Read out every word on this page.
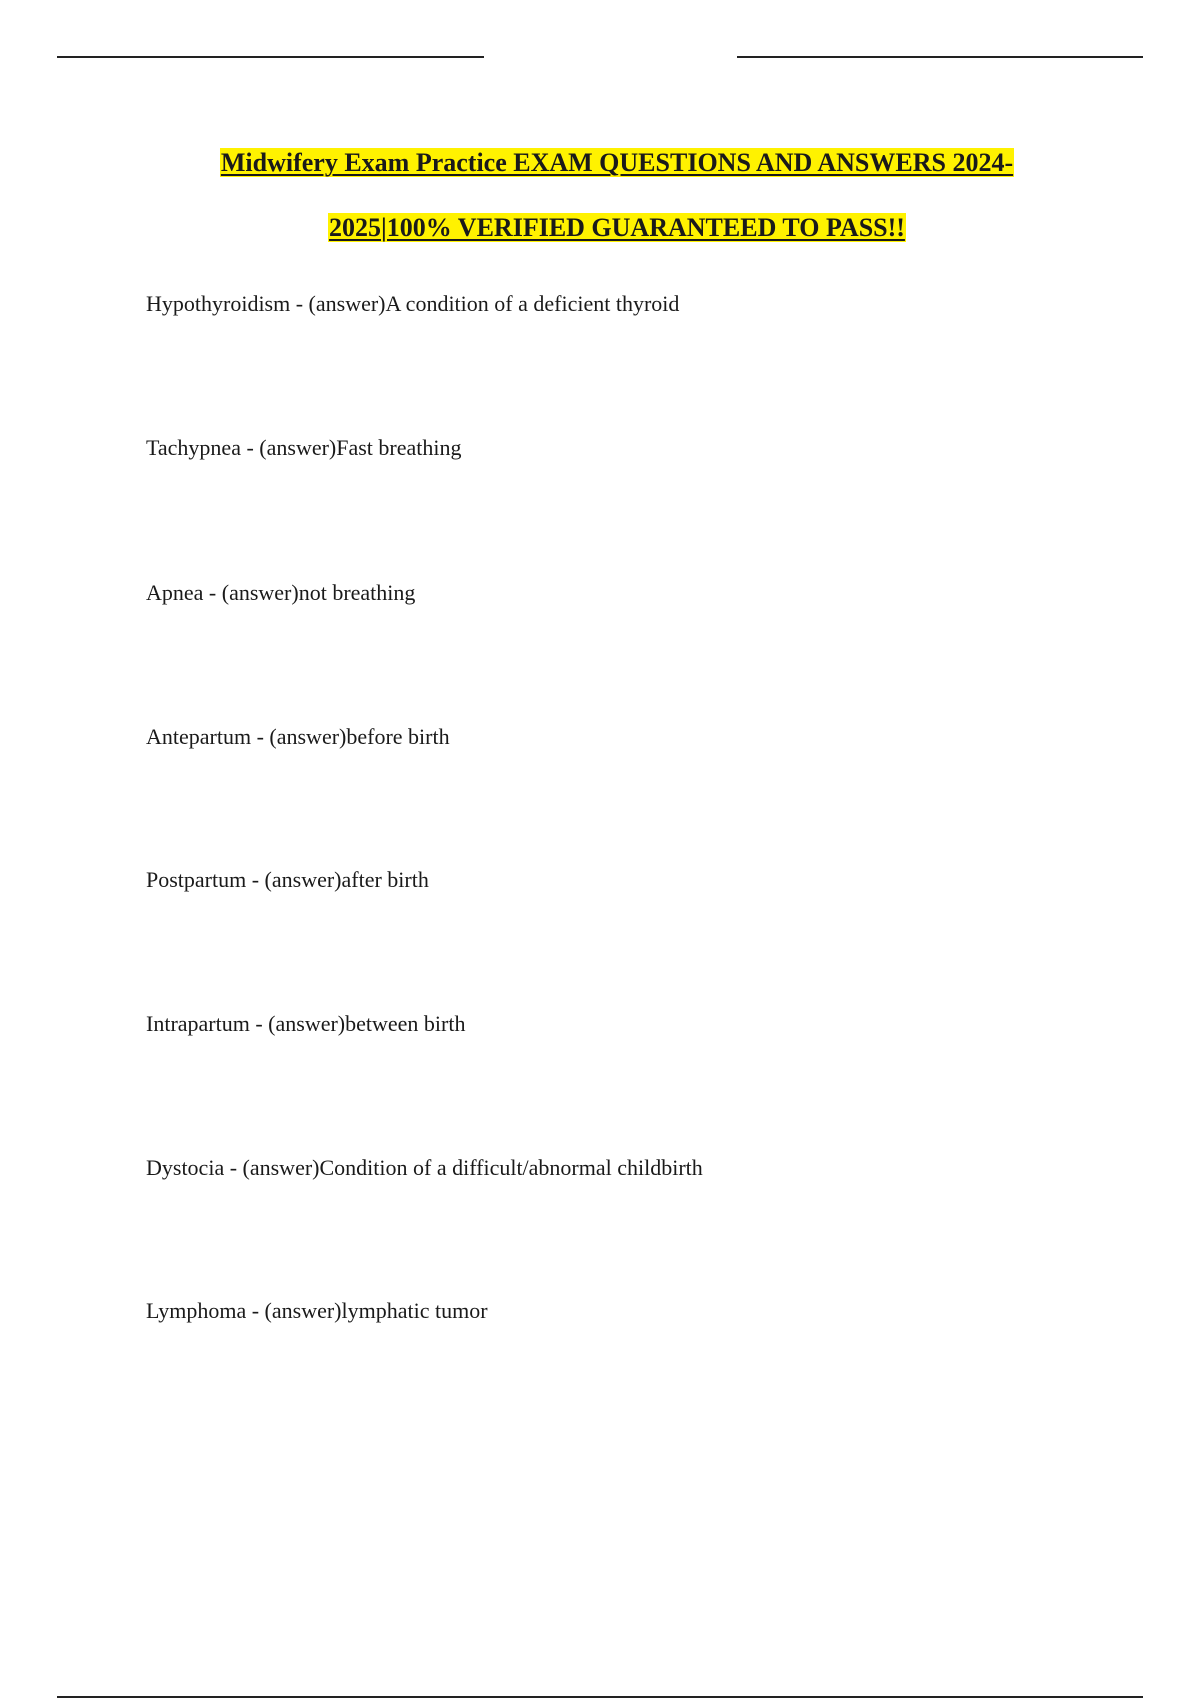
Midwifery Exam Practice EXAM QUESTIONS AND ANSWERS 2024-
2025|100% VERIFIED GUARANTEED TO PASS!!
Hypothyroidism - (answer)A condition of a deficient thyroid
Tachypnea - (answer)Fast breathing
Apnea - (answer)not breathing
Antepartum - (answer)before birth
Postpartum - (answer)after birth
Intrapartum - (answer)between birth
Dystocia - (answer)Condition of a difficult/abnormal childbirth
Lymphoma - (answer)lymphatic tumor
